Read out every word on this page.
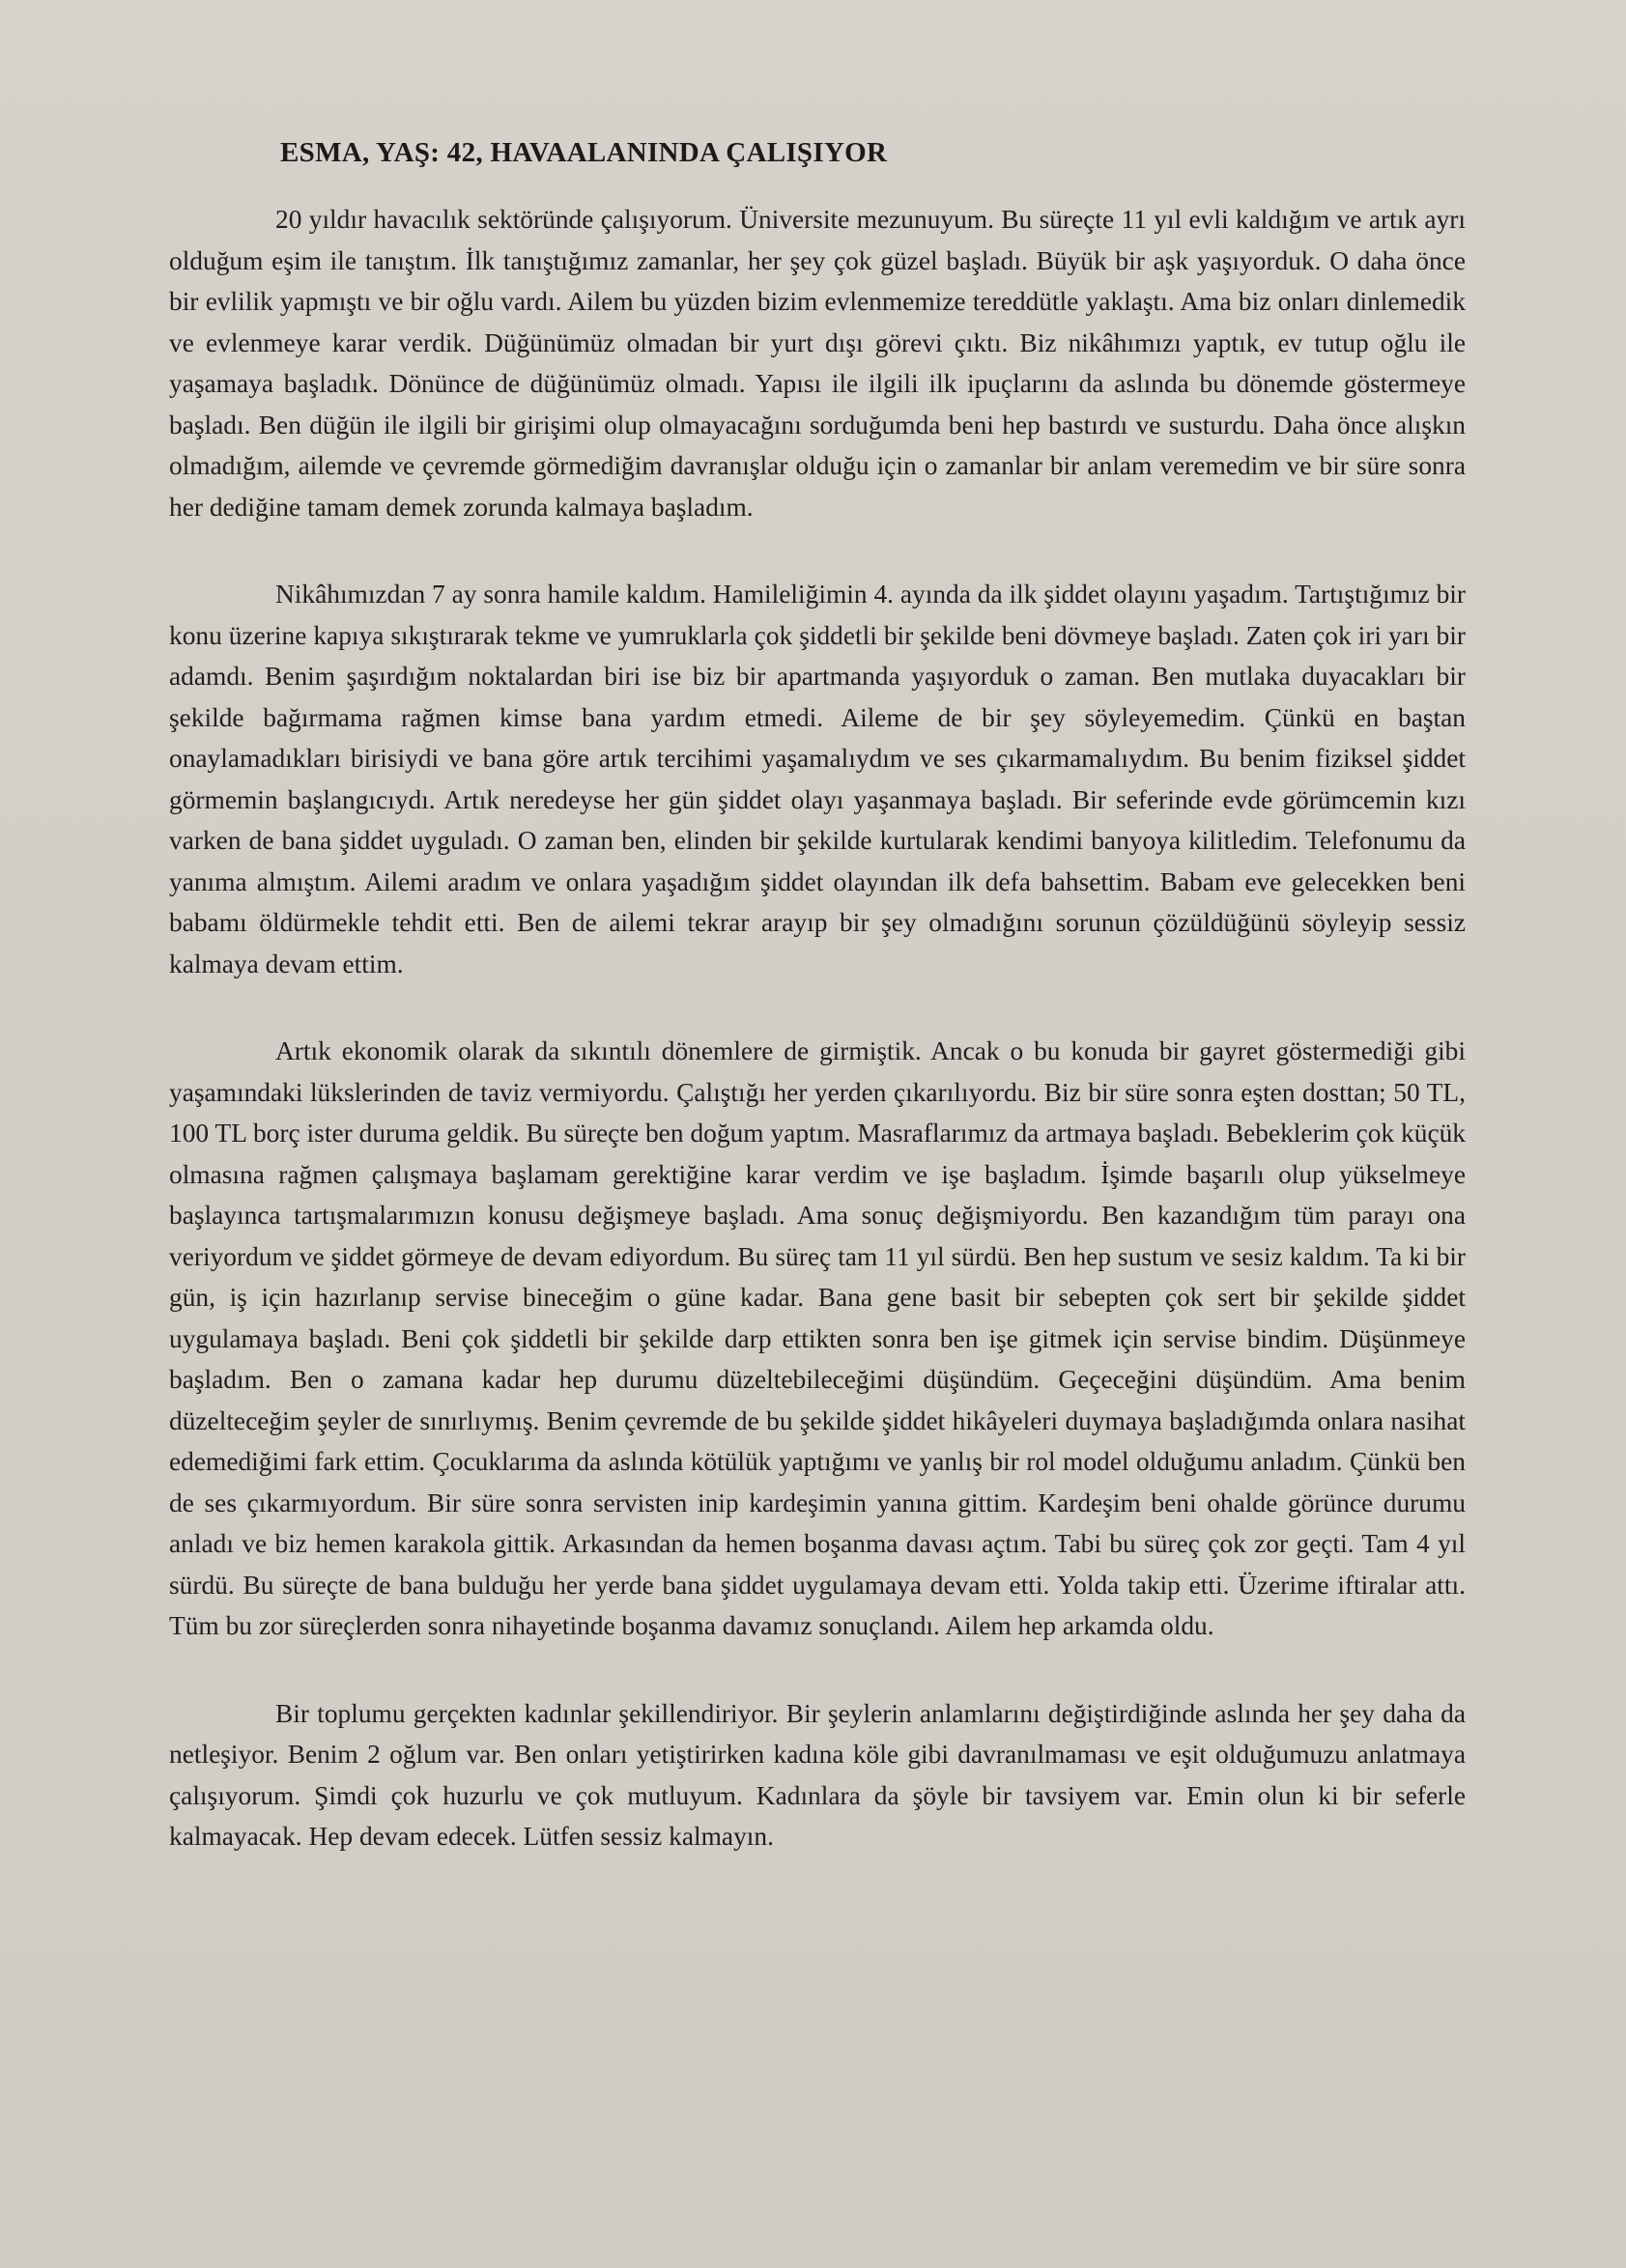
ESMA, YAŞ: 42, HAVAALANINDA ÇALIŞIYOR

20 yıldır havacılık sektöründe çalışıyorum. Üniversite mezunuyum. Bu süreçte 11 yıl evli kaldığım ve artık ayrı olduğum eşim ile tanıştım. İlk tanıştığımız zamanlar, her şey çok güzel başladı. Büyük bir aşk yaşıyorduk. O daha önce bir evlilik yapmıştı ve bir oğlu vardı. Ailem bu yüzden bizim evlenmemize tereddütle yaklaştı. Ama biz onları dinlemedik ve evlenmeye karar verdik. Düğünümüz olmadan bir yurt dışı görevi çıktı. Biz nikâhımızı yaptık, ev tutup oğlu ile yaşamaya başladık. Dönünce de düğünümüz olmadı. Yapısı ile ilgili ilk ipuçlarını da aslında bu dönemde göstermeye başladı. Ben düğün ile ilgili bir girişimi olup olmayacağını sorduğumda beni hep bastırdı ve susturdu. Daha önce alışkın olmadığım, ailemde ve çevremde görmediğim davranışlar olduğu için o zamanlar bir anlam veremedim ve bir süre sonra her dediğine tamam demek zorunda kalmaya başladım.

Nikâhımızdan 7 ay sonra hamile kaldım. Hamileliğimin 4. ayında da ilk şiddet olayını yaşadım. Tartıştığımız bir konu üzerine kapıya sıkıştırarak tekme ve yumruklarla çok şiddetli bir şekilde beni dövmeye başladı. Zaten çok iri yarı bir adamdı. Benim şaşırdığım noktalardan biri ise biz bir apartmanda yaşıyorduk o zaman. Ben mutlaka duyacakları bir şekilde bağırmama rağmen kimse bana yardım etmedi. Aileme de bir şey söyleyemedim. Çünkü en baştan onaylamadıkları birisiydi ve bana göre artık tercihimi yaşamalıydım ve ses çıkarmamalıydım. Bu benim fiziksel şiddet görmemin başlangıcıydı. Artık neredeyse her gün şiddet olayı yaşanmaya başladı. Bir seferinde evde görümcemin kızı varken de bana şiddet uyguladı. O zaman ben, elinden bir şekilde kurtularak kendimi banyoya kilitledim. Telefonumu da yanıma almıştım. Ailemi aradım ve onlara yaşadığım şiddet olayından ilk defa bahsettim. Babam eve gelecekken beni babamı öldürmekle tehdit etti. Ben de ailemi tekrar arayıp bir şey olmadığını sorunun çözüldüğünü söyleyip sessiz kalmaya devam ettim.

Artık ekonomik olarak da sıkıntılı dönemlere de girmiştik. Ancak o bu konuda bir gayret göstermediği gibi yaşamındaki lükslerinden de taviz vermiyordu. Çalıştığı her yerden çıkarılıyordu. Biz bir süre sonra eşten dosttan; 50 TL, 100 TL borç ister duruma geldik. Bu süreçte ben doğum yaptım. Masraflarımız da artmaya başladı. Bebeklerim çok küçük olmasına rağmen çalışmaya başlamam gerektiğine karar verdim ve işe başladım. İşimde başarılı olup yükselmeye başlayınca tartışmalarımızın konusu değişmeye başladı. Ama sonuç değişmiyordu. Ben kazandığım tüm parayı ona veriyordum ve şiddet görmeye de devam ediyordum. Bu süreç tam 11 yıl sürdü. Ben hep sustum ve sesiz kaldım. Ta ki bir gün, iş için hazırlanıp servise bineceğim o güne kadar. Bana gene basit bir sebepten çok sert bir şekilde şiddet uygulamaya başladı. Beni çok şiddetli bir şekilde darp ettikten sonra ben işe gitmek için servise bindim. Düşünmeye başladım. Ben o zamana kadar hep durumu düzeltebileceğimi düşündüm. Geçeceğini düşündüm. Ama benim düzelteceğim şeyler de sınırlıymış. Benim çevremde de bu şekilde şiddet hikâyeleri duymaya başladığımda onlara nasihat edemediğimi fark ettim. Çocuklarıma da aslında kötülük yaptığımı ve yanlış bir rol model olduğumu anladım. Çünkü ben de ses çıkarmıyordum. Bir süre sonra servisten inip kardeşimin yanına gittim. Kardeşim beni ohalde görünce durumu anladı ve biz hemen karakola gittik. Arkasından da hemen boşanma davası açtım. Tabi bu süreç çok zor geçti. Tam 4 yıl sürdü. Bu süreçte de bana bulduğu her yerde bana şiddet uygulamaya devam etti. Yolda takip etti. Üzerime iftiralar attı. Tüm bu zor süreçlerden sonra nihayetinde boşanma davamız sonuçlandı. Ailem hep arkamda oldu.

Bir toplumu gerçekten kadınlar şekillendiriyor. Bir şeylerin anlamlarını değiştirdiğinde aslında her şey daha da netleşiyor. Benim 2 oğlum var. Ben onları yetiştirirken kadına köle gibi davranılmaması ve eşit olduğumuzu anlatmaya çalışıyorum. Şimdi çok huzurlu ve çok mutluyum. Kadınlara da şöyle bir tavsiyem var. Emin olun ki bir seferle kalmayacak. Hep devam edecek. Lütfen sessiz kalmayın.
